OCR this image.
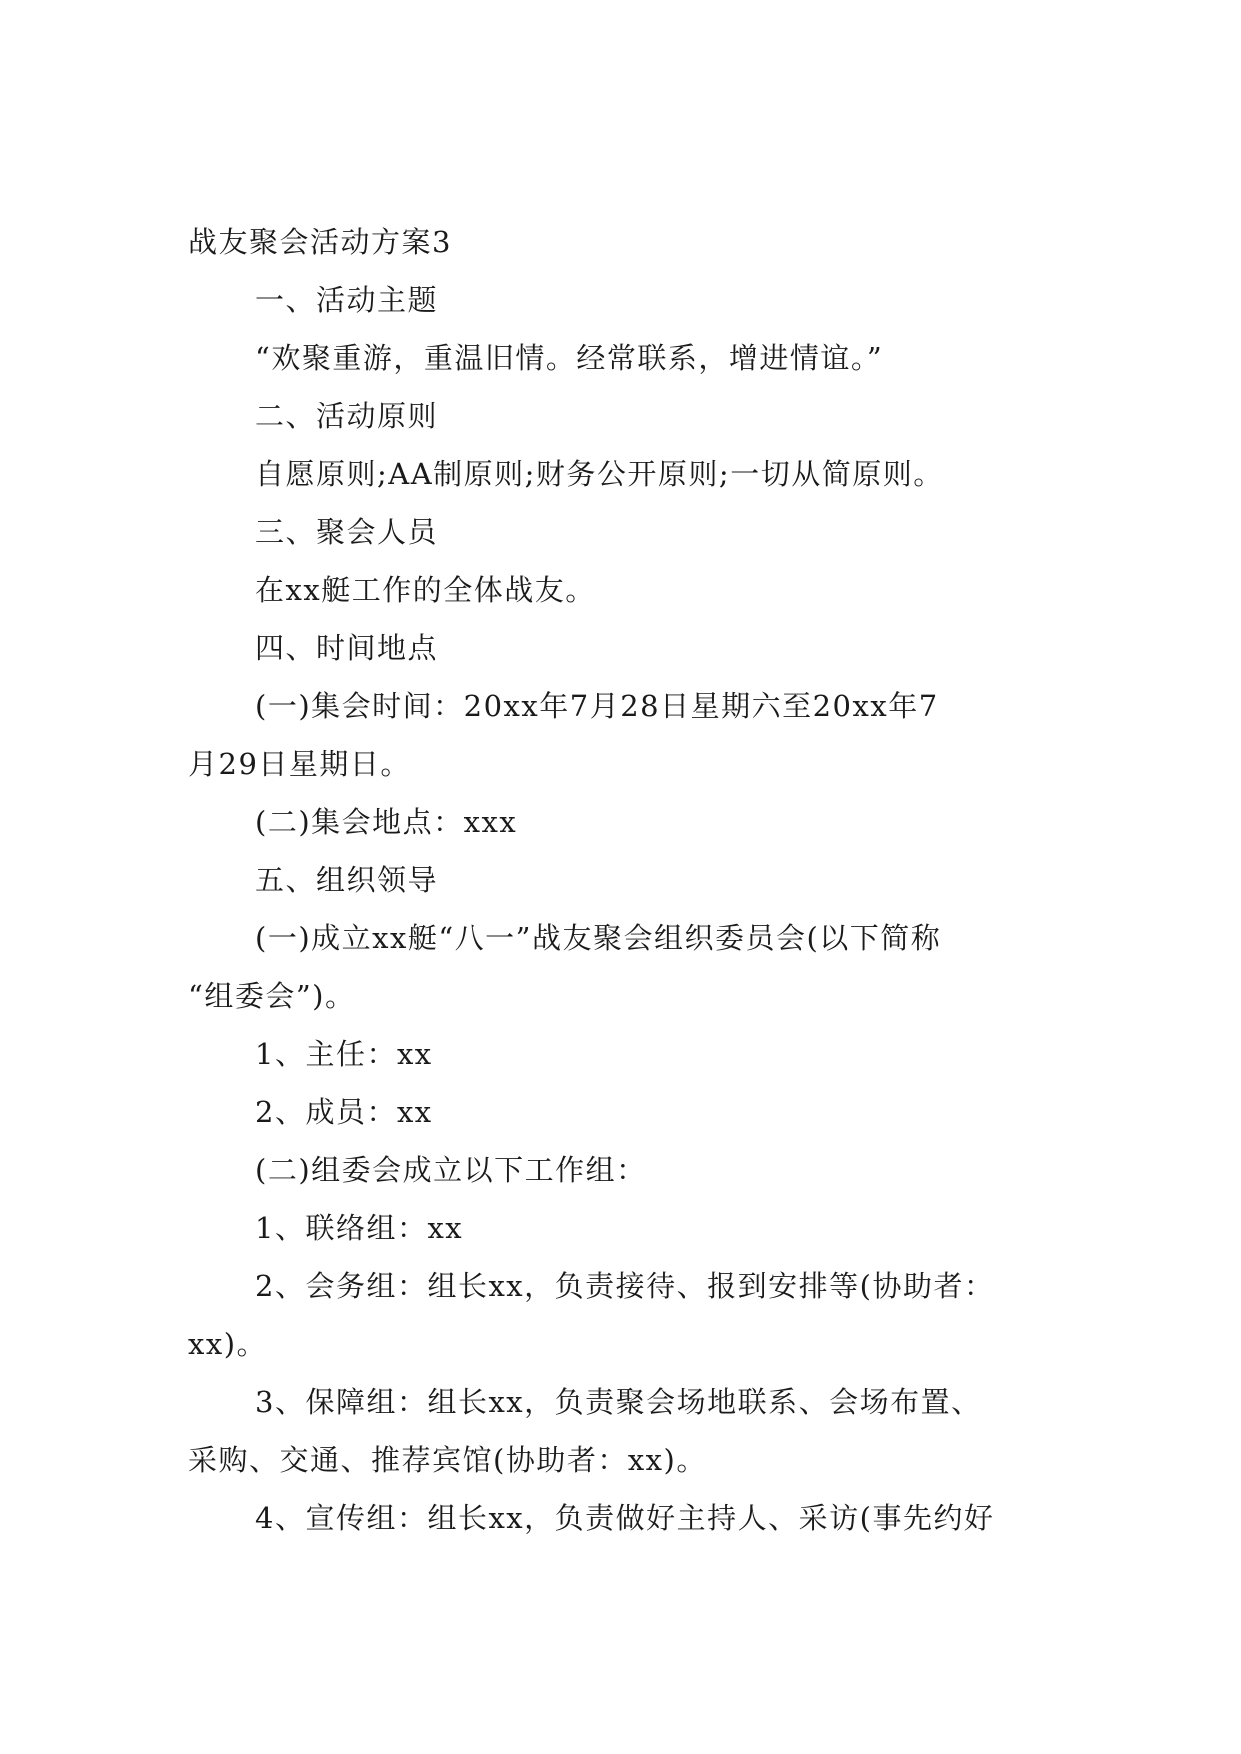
战友聚会活动方案3
一、活动主题
“欢聚重游，重温旧情。经常联系，增进情谊。”
二、活动原则
自愿原则;AA制原则;财务公开原则;一切从简原则。
三、聚会人员
在xx艇工作的全体战友。
四、时间地点
(一)集会时间：20xx年7月28日星期六至20xx年7
月29日星期日。
(二)集会地点：xxx
五、组织领导
(一)成立xx艇“八一”战友聚会组织委员会(以下简称
“组委会”)。
1、主任：xx
2、成员：xx
(二)组委会成立以下工作组：
1、联络组：xx
2、会务组：组长xx，负责接待、报到安排等(协助者：
xx)。
3、保障组：组长xx，负责聚会场地联系、会场布置、
采购、交通、推荐宾馆(协助者：xx)。
4、宣传组：组长xx，负责做好主持人、采访(事先约好
